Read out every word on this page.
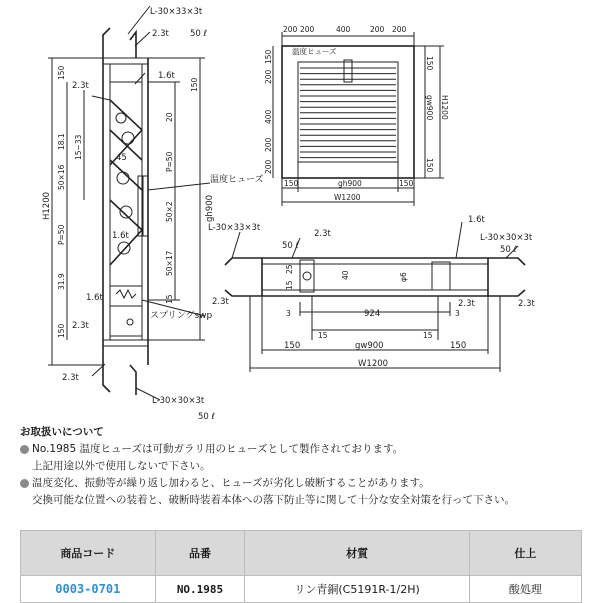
L-30×33×3t
50 ℓ
2.3t
1.6t
2.3t
1.6t
1.6t
45
18.1 15−33
50×16
P=50
31.9
H1200
150
150
150
20
P=50
50×2
50×17
15
gh900
温度ヒューズ
スプリングswp
2.3t
2.3t
L-30×30×3t
50 ℓ
200 200	400	200 200
温度ヒューズ
150
200
400
200
200
150
gw900
150
H1200
150	gh900	150
W1200
L-30×33×3t
50 ℓ
2.3t
1.6t
L-30×30×3t
50 ℓ
15
25
40	φ6
2.3t	2.3t	2.3t
3	924	3
15	15
150	gw900	150
W1200
お取扱いについて
No.1985 温度ヒューズは可動ガラリ用のヒューズとして製作されております。
上記用途以外で使用しないで下さい。
温度変化、振動等が繰り返し加わると、ヒューズが劣化し破断することがあります。
交換可能な位置への装着と、破断時装着本体への落下防止等に関して十分な安全対策を行って下さい。
商品コード	品番	材質	仕上
0003-0701	NO.1985	リン青銅(C5191R-1/2H)	酸処理
